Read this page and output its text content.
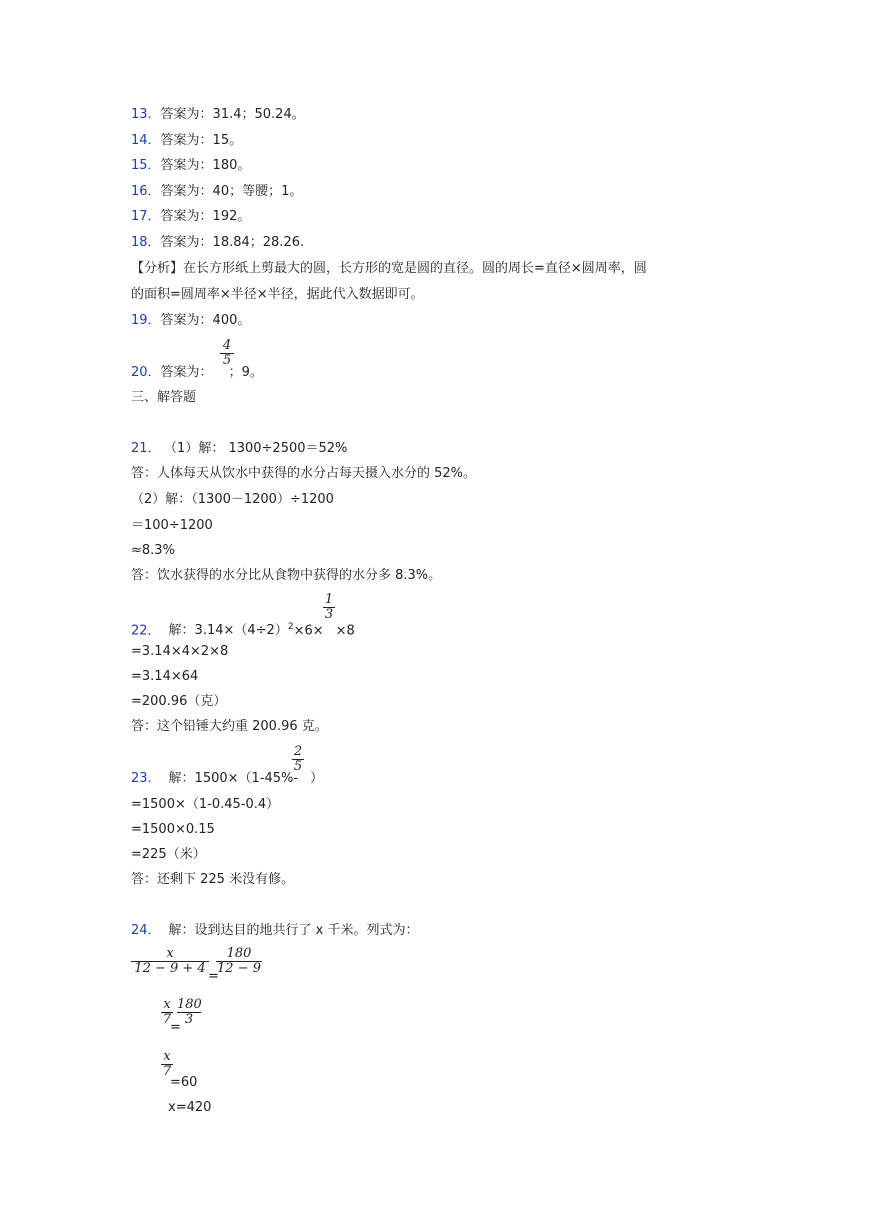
13．答案为：31.4；50.24。
14．答案为：15。
15．答案为：180。
16．答案为：40；等腰；1。
17．答案为：192。
18．答案为：18.84；28.26.
【分析】在长方形纸上剪最大的圆，长方形的宽是圆的直径。圆的周长=直径×圆周率，圆
的面积=圆周率×半径×半径，据此代入数据即可。
19．答案为：400。
20．答案为： ；9。
4
5
三、解答题
21． （1）解： 1300÷2500＝52%
答：人体每天从饮水中获得的水分占每天摄入水分的 52%。
（2）解：（1300－1200）÷1200
＝100÷1200
≈8.3%
答：饮水获得的水分比从食物中获得的水分多 8.3%。
22． 解：$3.14\times(4\div 2)^2\times 6\times \times 8$
1
3
=3.14×4×2×8
=3.14×64
=200.96（克）
答：这个铅锤大约重 200.96 克。
23． 解：1500×（1-45%- ）
2
5
=1500×（1-0.45-0.4）
=1500×0.15
=225（米）
答：还剩下 225 米没有修。
24． 解：设到达目的地共行了 x 千米。列式为：
x
12 − 9 + 4
=
180
12 − 9
x
7
=
180
3
x
7
=60
x=420
